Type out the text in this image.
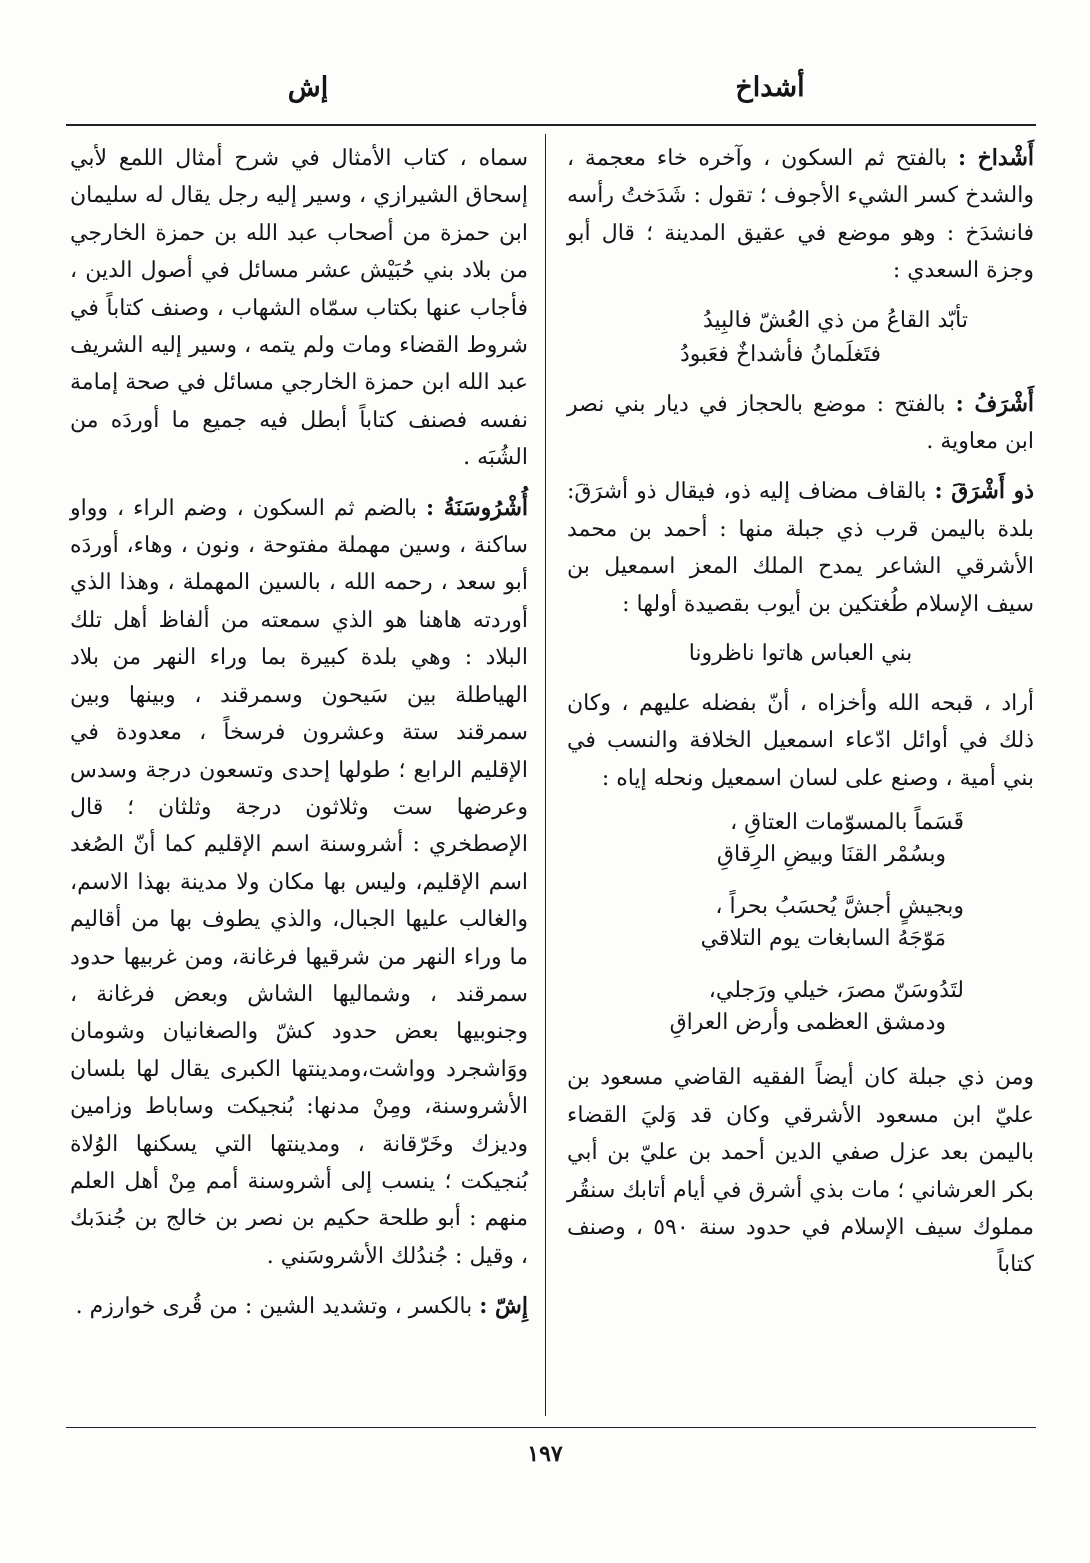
أشداخ
إش

أَشْداخ : بالفتح ثم السكون ، وآخره خاء معجمة ، والشدخ كسر الشيء الأجوف ؛ تقول : شَدَختُ رأسه فانشدَخ : وهو موضع في عقيق المدينة ؛ قال أبو وجزة السعدي :

تأبّد القاعُ من ذي العُشّ فالبِيدُ
فتَغلَمانُ فأشداخٌ فعَبودُ

أَشْرَفُ : بالفتح : موضع بالحجاز في ديار بني نصر ابن معاوية .

ذو أَشْرَقَ : بالقاف مضاف إليه ذو، فيقال ذو أشرَقَ: بلدة باليمن قرب ذي جبلة منها : أحمد بن محمد الأشرقي الشاعر يمدح الملك المعز اسمعيل بن سيف الإسلام طُغتكين بن أيوب بقصيدة أولها :

بني العباس هاتوا ناظرونا

أراد ، قبحه الله وأخزاه ، أنّ بفضله عليهم ، وكان ذلك في أوائل ادّعاء اسمعيل الخلافة والنسب في بني أمية ، وصنع على لسان اسمعيل ونحله إياه :

قَسَماً بالمسوّمات العتاقِ ،
وبسُمْر القنَا وبيضِ الرِقاقِ
وبجيشٍ أجشَّ يُحسَبُ بحراً ،
مَوّجَهُ السابغات يوم التلاقي
لتَدُوسَنّ مصرَ، خيلي ورَجلي،
ودمشق العظمى وأرض العراقِ

ومن ذي جبلة كان أيضاً الفقيه القاضي مسعود بن عليّ ابن مسعود الأشرقي وكان قد وَليَ القضاء باليمن بعد عزل صفي الدين أحمد بن عليّ بن أبي بكر العرشاني ؛ مات بذي أشرق في أيام أتابك سنقُر مملوك سيف الإسلام في حدود سنة ٥٩٠ ، وصنف كتاباً

سماه ، كتاب الأمثال في شرح أمثال اللمع لأبي إسحاق الشيرازي ، وسير إليه رجل يقال له سليمان ابن حمزة من أصحاب عبد الله بن حمزة الخارجي من بلاد بني حُبَيْش عشر مسائل في أصول الدين ، فأجاب عنها بكتاب سمّاه الشهاب ، وصنف كتاباً في شروط القضاء ومات ولم يتمه ، وسير إليه الشريف عبد الله ابن حمزة الخارجي مسائل في صحة إمامة نفسه فصنف كتاباً أبطل فيه جميع ما أوردَه من الشُبَه .

أُشْرُوسَنَةُ : بالضم ثم السكون ، وضم الراء ، وواو ساكنة ، وسين مهملة مفتوحة ، ونون ، وهاء، أوردَه أبو سعد ، رحمه الله ، بالسين المهملة ، وهذا الذي أوردته هاهنا هو الذي سمعته من ألفاظ أهل تلك البلاد : وهي بلدة كبيرة بما وراء النهر من بلاد الهياطلة بين سَيحون وسمرقند ، وبينها وبين سمرقند ستة وعشرون فرسخاً ، معدودة في الإقليم الرابع ؛ طولها إحدى وتسعون درجة وسدس وعرضها ست وثلاثون درجة وثلثان ؛ قال الإصطخري : أشروسنة اسم الإقليم كما أنّ الصُغد اسم الإقليم، وليس بها مكان ولا مدينة بهذا الاسم، والغالب عليها الجبال، والذي يطوف بها من أقاليم ما وراء النهر من شرقيها فرغانة، ومن غربيها حدود سمرقند ، وشماليها الشاش وبعض فرغانة ، وجنوبيها بعض حدود كشّ والصغانيان وشومان ووَاشجرد وواشت،ومدينتها الكبرى يقال لها بلسان الأشروسنة، ومِنْ مدنها: بُنجيكت وساباط وزامين وديزك وخَرّقانة ، ومدينتها التي يسكنها الوُلاة بُنجيكت ؛ ينسب إلى أشروسنة أمم مِنْ أهل العلم منهم : أبو طلحة حكيم بن نصر بن خالج بن جُندَبك ، وقيل : جُندُلك الأشروسَني .

إِشّ : بالكسر ، وتشديد الشين : من قُرى خوارزم .

١٩٧
